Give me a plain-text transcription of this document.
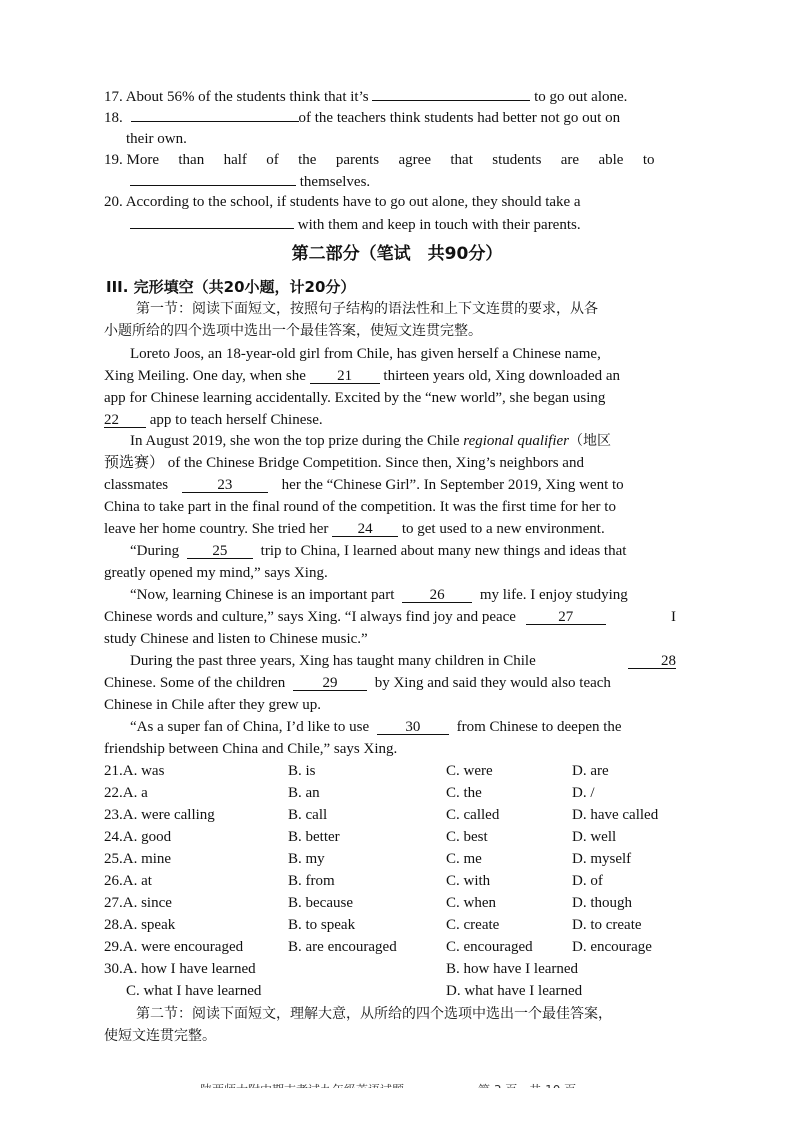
17. About 56% of the students think that it’s	to go out alone.
18.	of the teachers think students had better not go out on
their own.
19. More than half of the parents agree that students are able to
themselves.
20. According to the school, if students have to go out alone, they should take a
with them and keep in touch with their parents.
第二部分（笔试　共90分）
III. 完形填空（共20小题，计20分）
第一节：阅读下面短文，按照句子结构的语法性和上下文连贯的要求，从各
小题所给的四个选项中选出一个最佳答案，使短文连贯完整。
Loreto Joos, an 18-year-old girl from Chile, has given herself a Chinese name,
Xing Meiling. One day, when she 21 thirteen years old, Xing downloaded an
app for Chinese learning accidentally. Excited by the “new world”, she began using
22 app to teach herself Chinese.
In August 2019, she won the top prize during the Chile regional qualifier（地区
预选赛） of the Chinese Bridge Competition. Since then, Xing’s neighbors and
classmates	23	her the “Chinese Girl”. In September 2019, Xing went to
China to take part in the final round of the competition. It was the first time for her to
leave her home country. She tried her 24 to get used to a new environment.
“During 25 trip to China, I learned about many new things and ideas that
greatly opened my mind,” says Xing.
“Now, learning Chinese is an important part 26 my life. I enjoy studying
Chinese words and culture,” says Xing. “I always find joy and peace	27	I
study Chinese and listen to Chinese music.”
During the past three years, Xing has taught many children in Chile	28
Chinese. Some of the children 29 by Xing and said they would also teach
Chinese in Chile after they grew up.
“As a super fan of China, I’d like to use 30 from Chinese to deepen the
friendship between China and Chile,” says Xing.
21.A. was	B. is	C. were	D. are
22.A. a	B. an	C. the	D. /
23.A. were calling	B. call	C. called	D. have called
24.A. good	B. better	C. best	D. well
25.A. mine	B. my	C. me	D. myself
26.A. at	B. from	C. with	D. of
27.A. since	B. because	C. when	D. though
28.A. speak	B. to speak	C. create	D. to create
29.A. were encouraged	B. are encouraged	C. encouraged	D. encourage
30.A. how I have learned	B. how have I learned
C. what I have learned	D. what have I learned
第二节：阅读下面短文，理解大意，从所给的四个选项中选出一个最佳答案，
使短文连贯完整。
